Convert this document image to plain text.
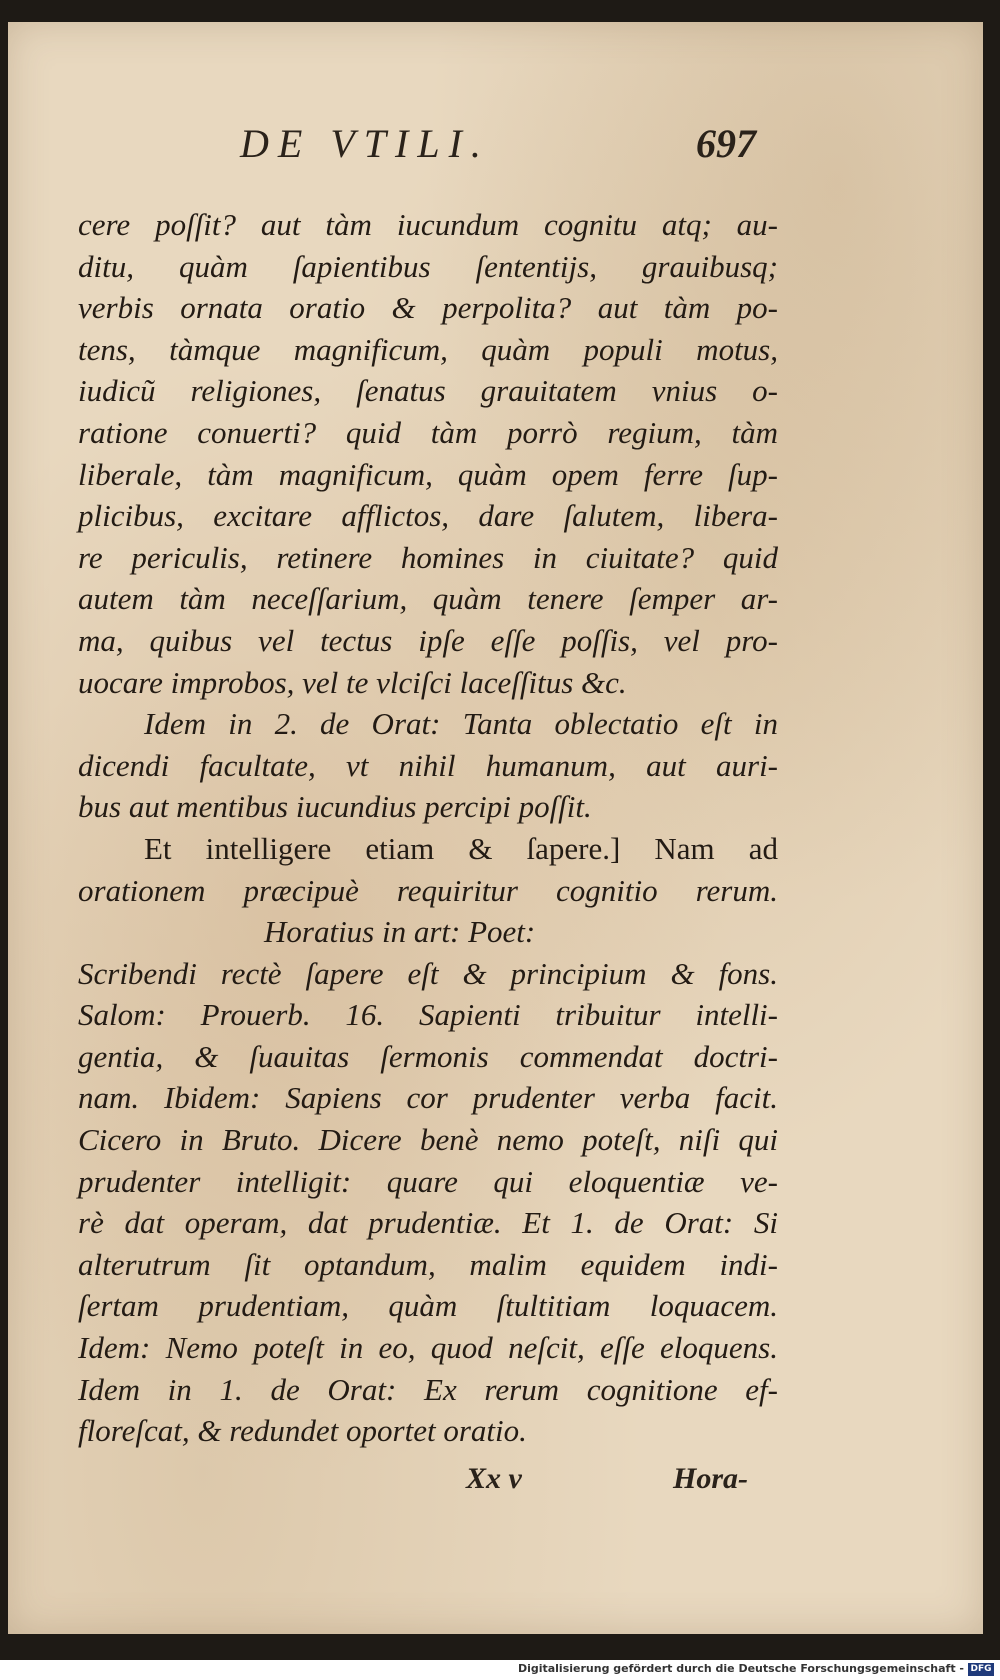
DE VTILI.	697
cere poſſit? aut tàm iucundum cognitu atq; au-
ditu, quàm ſapientibus ſententijs, grauibusq;
verbis ornata oratio & perpolita? aut tàm po-
tens, tàmque magnificum, quàm populi motus,
iudicũ religiones, ſenatus grauitatem vnius o-
ratione conuerti? quid tàm porrò regium, tàm
liberale, tàm magnificum, quàm opem ferre ſup-
plicibus, excitare afflictos, dare ſalutem, libera-
re periculis, retinere homines in ciuitate? quid
autem tàm neceſſarium, quàm tenere ſemper ar-
ma, quibus vel tectus ipſe eſſe poſſis, vel pro-
uocare improbos, vel te vlciſci laceſſitus &c.
Idem in 2. de Orat: Tanta oblectatio eſt in
dicendi facultate, vt nihil humanum, aut auri-
bus aut mentibus iucundius percipi poſſit.
Et intelligere etiam & ſapere.] Nam ad
orationem præcipuè requiritur cognitio rerum.
Horatius in art: Poet:
Scribendi rectè ſapere eſt & principium & fons.
Salom: Prouerb. 16. Sapienti tribuitur intelli-
gentia, & ſuauitas ſermonis commendat doctri-
nam. Ibidem: Sapiens cor prudenter verba facit.
Cicero in Bruto. Dicere benè nemo poteſt, niſi qui
prudenter intelligit: quare qui eloquentiæ ve-
rè dat operam, dat prudentiæ. Et 1. de Orat: Si
alterutrum ſit optandum, malim equidem indi-
ſertam prudentiam, quàm ſtultitiam loquacem.
Idem: Nemo poteſt in eo, quod neſcit, eſſe eloquens.
Idem in 1. de Orat: Ex rerum cognitione ef-
floreſcat, & redundet oportet oratio.
Xx v	Hora-
Digitalisierung gefördert durch die Deutsche Forschungsgemeinschaft - DFG
